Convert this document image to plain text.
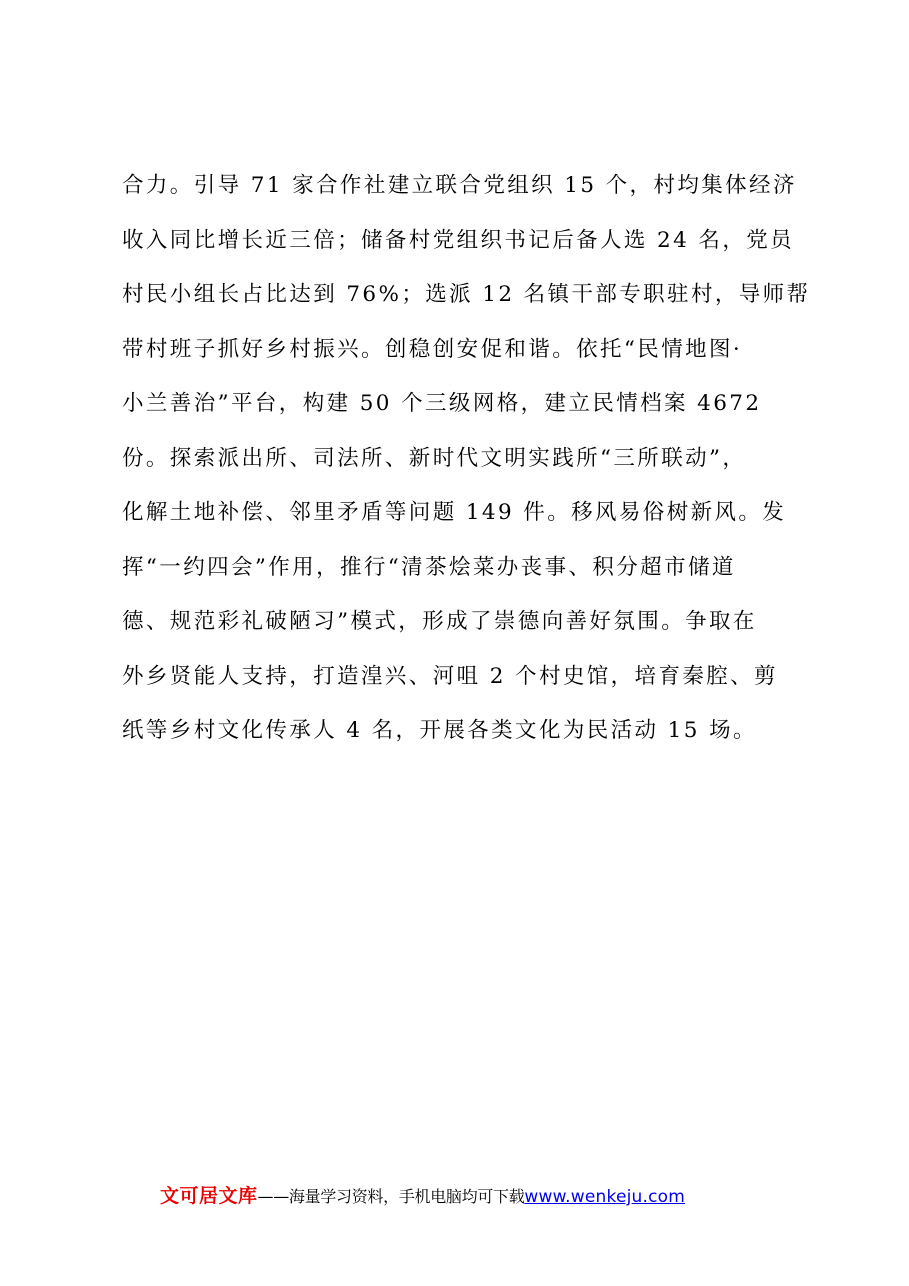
合力。引导 71 家合作社建立联合党组织 15 个，村均集体经济
收入同比增长近三倍；储备村党组织书记后备人选 24 名，党员
村民小组长占比达到 76%；选派 12 名镇干部专职驻村，导师帮
带村班子抓好乡村振兴。创稳创安促和谐。依托“民情地图·
小兰善治”平台，构建 50 个三级网格，建立民情档案 4672
份。探索派出所、司法所、新时代文明实践所“三所联动”，
化解土地补偿、邻里矛盾等问题 149 件。移风易俗树新风。发
挥“一约四会”作用，推行“清茶烩菜办丧事、积分超市储道
德、规范彩礼破陋习”模式，形成了崇德向善好氛围。争取在
外乡贤能人支持，打造湟兴、河咀 2 个村史馆，培育秦腔、剪
纸等乡村文化传承人 4 名，开展各类文化为民活动 15 场。
文可居文库——海量学习资料，手机电脑均可下载www.wenkeju.com
